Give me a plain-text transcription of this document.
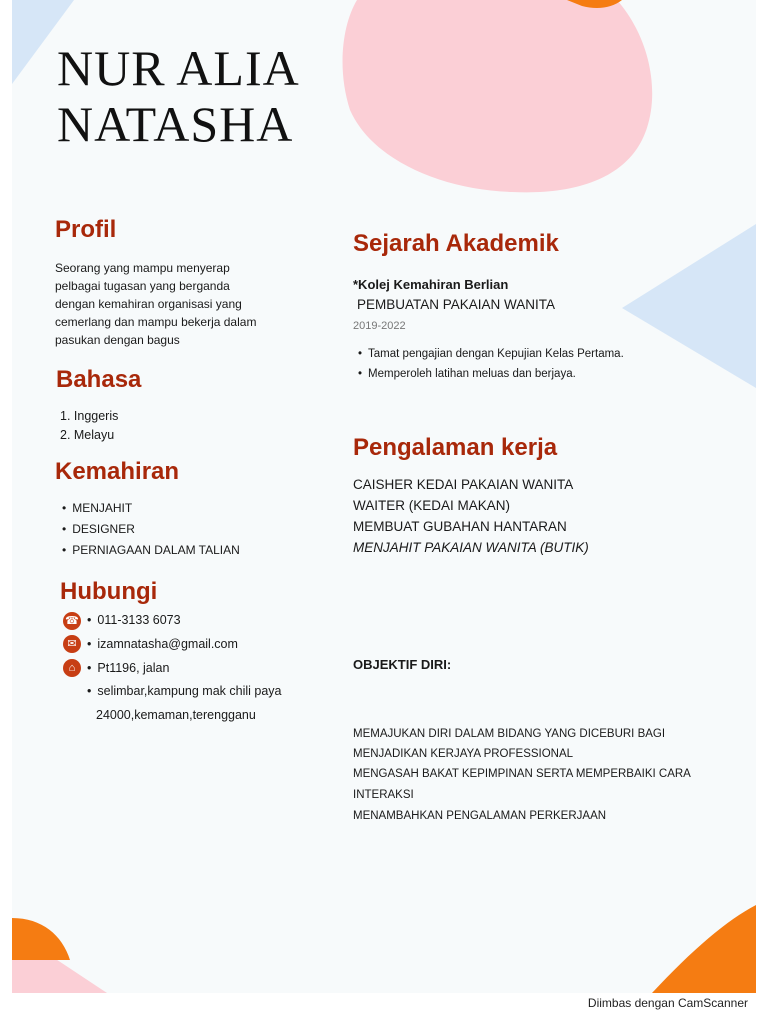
NUR ALIA
NATASHA
Profil
Seorang yang mampu menyerap
pelbagai tugasan yang berganda
dengan kemahiran organisasi yang
cemerlang dan mampu bekerja dalam
pasukan dengan bagus
Bahasa
1. Inggeris
2. Melayu
Kemahiran
• MENJAHIT
• DESIGNER
• PERNIAGAAN DALAM TALIAN
Hubungi
☎	• 011-3133 6073
✉	• izamnatasha@gmail.com
⌂	• Pt1196, jalan
• selimbar,kampung mak chili paya
24000,kemaman,terengganu
Sejarah Akademik
*Kolej Kemahiran Berlian
PEMBUATAN PAKAIAN WANITA
2019-2022
• Tamat pengajian dengan Kepujian Kelas Pertama.
• Memperoleh latihan meluas dan berjaya.
Pengalaman kerja
CAISHER KEDAI PAKAIAN WANITA
WAITER (KEDAI MAKAN)
MEMBUAT GUBAHAN HANTARAN
MENJAHIT PAKAIAN WANITA (BUTIK)
OBJEKTIF DIRI:
MEMAJUKAN DIRI DALAM BIDANG YANG DICEBURI BAGI
MENJADIKAN KERJAYA PROFESSIONAL
MENGASAH BAKAT KEPIMPINAN SERTA MEMPERBAIKI CARA
INTERAKSI
MENAMBAHKAN PENGALAMAN PERKERJAAN
Diimbas dengan CamScanner
